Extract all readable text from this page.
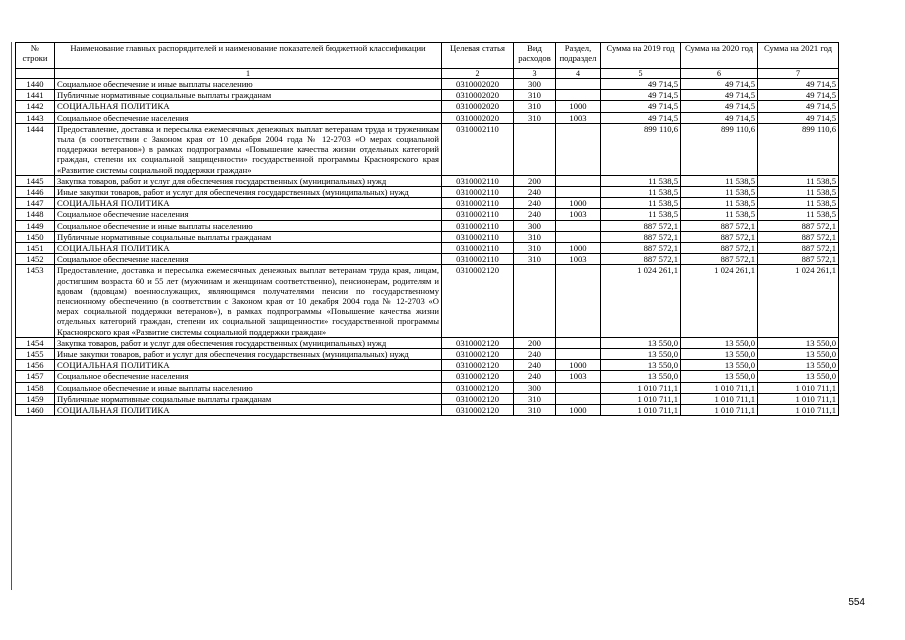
№ строки	Наименование главных распорядителей и наименование показателей бюджетной классификации	Целевая статья	Вид расходов	Раздел, подраздел	Сумма на 2019 год	Сумма на 2020 год	Сумма на 2021 год
	1	2	3	4	5	6	7
1440	Социальное обеспечение и иные выплаты населению	0310002020	300		49 714,5	49 714,5	49 714,5
1441	Публичные нормативные социальные выплаты гражданам	0310002020	310		49 714,5	49 714,5	49 714,5
1442	СОЦИАЛЬНАЯ ПОЛИТИКА	0310002020	310	1000	49 714,5	49 714,5	49 714,5
1443	Социальное обеспечение населения	0310002020	310	1003	49 714,5	49 714,5	49 714,5
1444	Предоставление, доставка и пересылка ежемесячных денежных выплат ветеранам труда и труженикам тыла (в соответствии с Законом края от 10 декабря 2004 года № 12-2703 «О мерах социальной поддержки ветеранов») в рамках подпрограммы «Повышение качества жизни отдельных категорий граждан, степени их социальной защищенности» государственной программы Красноярского края «Развитие системы социальной поддержки граждан»	0310002110			899 110,6	899 110,6	899 110,6
1445	Закупка товаров, работ и услуг для обеспечения государственных (муниципальных) нужд	0310002110	200		11 538,5	11 538,5	11 538,5
1446	Иные закупки товаров, работ и услуг для обеспечения государственных (муниципальных) нужд	0310002110	240		11 538,5	11 538,5	11 538,5
1447	СОЦИАЛЬНАЯ ПОЛИТИКА	0310002110	240	1000	11 538,5	11 538,5	11 538,5
1448	Социальное обеспечение населения	0310002110	240	1003	11 538,5	11 538,5	11 538,5
1449	Социальное обеспечение и иные выплаты населению	0310002110	300		887 572,1	887 572,1	887 572,1
1450	Публичные нормативные социальные выплаты гражданам	0310002110	310		887 572,1	887 572,1	887 572,1
1451	СОЦИАЛЬНАЯ ПОЛИТИКА	0310002110	310	1000	887 572,1	887 572,1	887 572,1
1452	Социальное обеспечение населения	0310002110	310	1003	887 572,1	887 572,1	887 572,1
1453	Предоставление, доставка и пересылка ежемесячных денежных выплат ветеранам труда края, лицам, достигшим возраста 60 и 55 лет (мужчинам и женщинам соответственно), пенсионерам, родителям и вдовам (вдовцам) военнослужащих, являющимся получателями пенсии по государственному пенсионному обеспечению (в соответствии с Законом края от 10 декабря 2004 года № 12-2703 «О мерах социальной поддержки ветеранов»), в рамках подпрограммы «Повышение качества жизни отдельных категорий граждан, степени их социальной защищенности» государственной программы Красноярского края «Развитие системы социальной поддержки граждан»	0310002120			1 024 261,1	1 024 261,1	1 024 261,1
1454	Закупка товаров, работ и услуг для обеспечения государственных (муниципальных) нужд	0310002120	200		13 550,0	13 550,0	13 550,0
1455	Иные закупки товаров, работ и услуг для обеспечения государственных (муниципальных) нужд	0310002120	240		13 550,0	13 550,0	13 550,0
1456	СОЦИАЛЬНАЯ ПОЛИТИКА	0310002120	240	1000	13 550,0	13 550,0	13 550,0
1457	Социальное обеспечение населения	0310002120	240	1003	13 550,0	13 550,0	13 550,0
1458	Социальное обеспечение и иные выплаты населению	0310002120	300		1 010 711,1	1 010 711,1	1 010 711,1
1459	Публичные нормативные социальные выплаты гражданам	0310002120	310		1 010 711,1	1 010 711,1	1 010 711,1
1460	СОЦИАЛЬНАЯ ПОЛИТИКА	0310002120	310	1000	1 010 711,1	1 010 711,1	1 010 711,1
554
